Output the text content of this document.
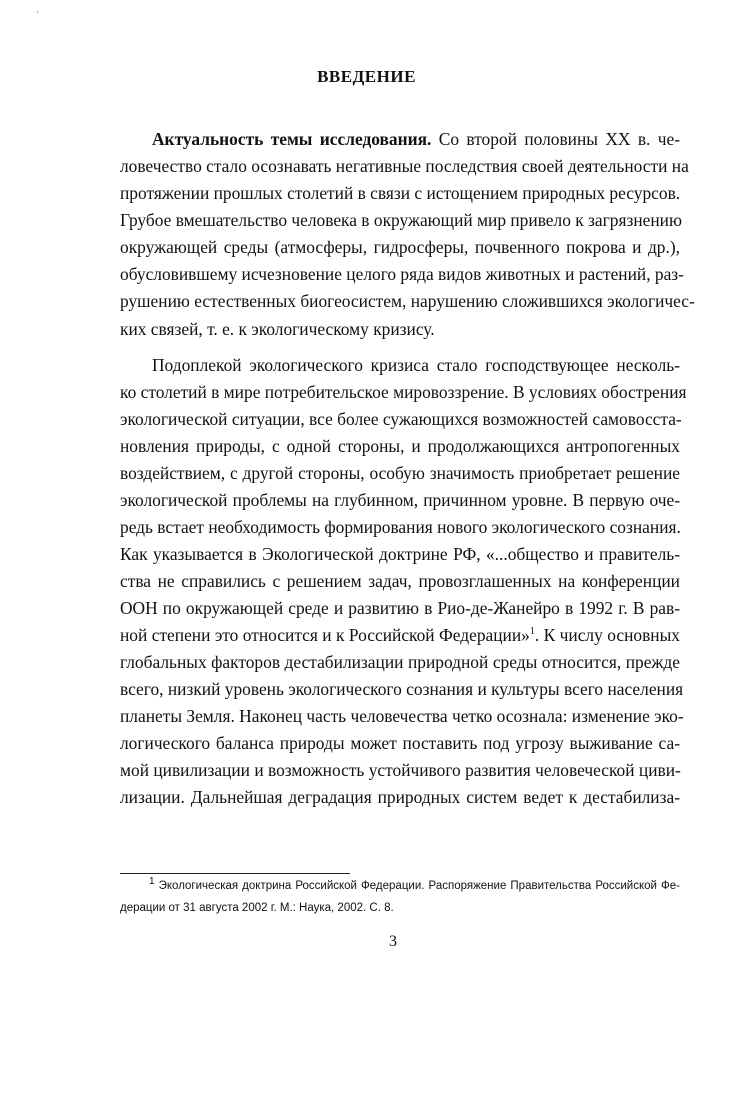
'
ВВЕДЕНИЕ
Актуальность темы исследования. Со второй половины XX в. че-
ловечество стало осознавать негативные последствия своей деятельности на
протяжении прошлых столетий в связи с истощением природных ресурсов.
Грубое вмешательство человека в окружающий мир привело к загрязнению
окружающей среды (атмосферы, гидросферы, почвенного покрова и др.),
обусловившему исчезновение целого ряда видов животных и растений, раз-
рушению естественных биогеосистем, нарушению сложившихся экологичес-
ких связей, т. е. к экологическому кризису.
Подоплекой экологического кризиса стало господствующее несколь-
ко столетий в мире потребительское мировоззрение. В условиях обострения
экологической ситуации, все более сужающихся возможностей самовосста-
новления природы, с одной стороны, и продолжающихся антропогенных
воздействием, с другой стороны, особую значимость приобретает решение
экологической проблемы на глубинном, причинном уровне. В первую оче-
редь встает необходимость формирования нового экологического сознания.
Как указывается в Экологической доктрине РФ, «...общество и правитель-
ства не справились с решением задач, провозглашенных на конференции
ООН по окружающей среде и развитию в Рио-де-Жанейро в 1992 г. В рав-
ной степени это относится и к Российской Федерации»$^1$. К числу основных
глобальных факторов дестабилизации природной среды относится, прежде
всего, низкий уровень экологического сознания и культуры всего населения
планеты Земля. Наконец часть человечества четко осознала: изменение эко-
логического баланса природы может поставить под угрозу выживание са-
мой цивилизации и возможность устойчивого развития человеческой циви-
лизации. Дальнейшая деградация природных систем ведет к дестабилиза-
$^1$ Экологическая доктрина Российской Федерации. Распоряжение Правительства Российской Фе-
дерации от 31 августа 2002 г. М.: Наука, 2002. С. 8.
3
